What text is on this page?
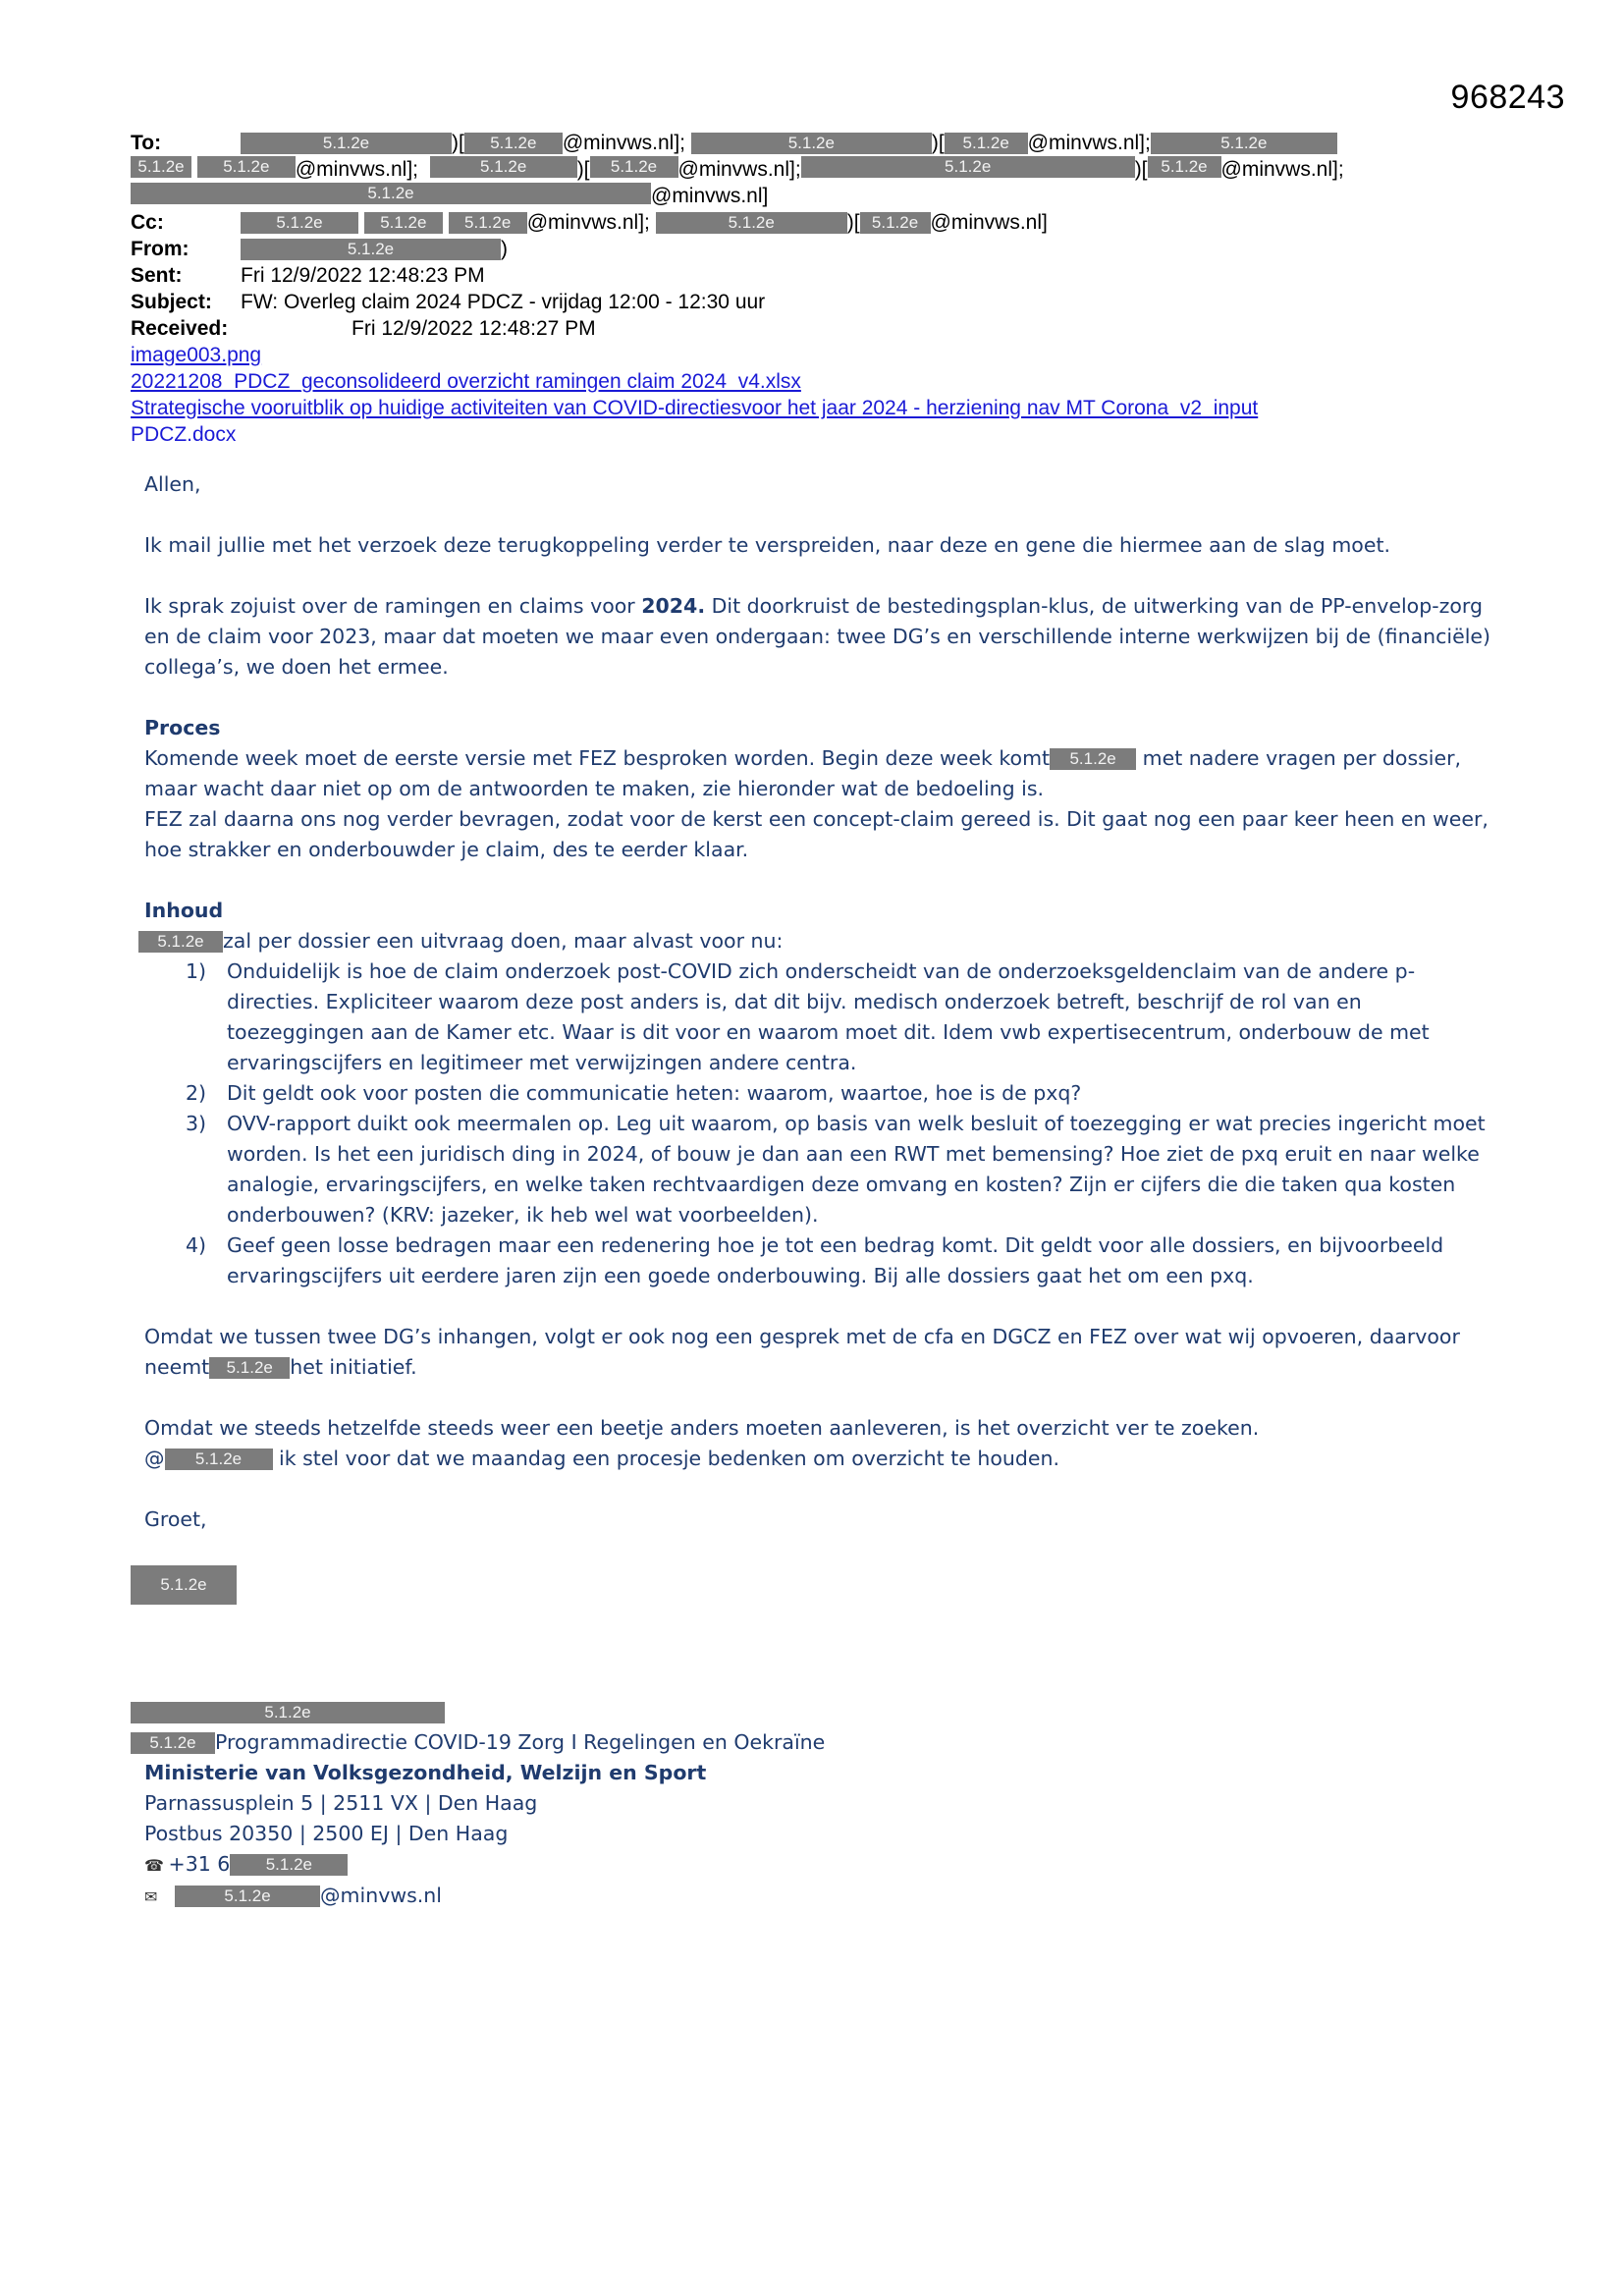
968243
To:	5.1.2e	)[ 5.1.2e @minvws.nl];	5.1.2e	)[ 5.1.2e @minvws.nl];	5.1.2e
5.1.2e
	5.1.2e	@minvws.nl];
	5.1.2e	)[	5.1.2e	@minvws.nl];	5.1.2e	)[ 5.1.2e @minvws.nl];
5.1.2e	@minvws.nl]
Cc:	5.1.2e	5.1.2e 5.1.2e @minvws.nl];	5.1.2e	)[ 5.1.2e @minvws.nl]
From:	5.1.2e	)
Sent:	Fri 12/9/2022 12:48:23 PM
Subject:	FW: Overleg claim 2024 PDCZ - vrijdag 12:00 - 12:30 uur
Received:	Fri 12/9/2022 12:48:27 PM
image003.png
20221208_PDCZ_geconsolideerd overzicht ramingen claim 2024_v4.xlsx
Strategische vooruitblik op huidige activiteiten van COVID-directiesvoor het jaar 2024 - herziening nav MT Corona_v2_input
PDCZ.docx

Allen,

Ik mail jullie met het verzoek deze terugkoppeling verder te verspreiden, naar deze en gene die hiermee aan de slag moet.

Ik sprak zojuist over de ramingen en claims voor 2024. Dit doorkruist de bestedingsplan-klus, de uitwerking van de PP-envelop-zorg en de claim voor 2023, maar dat moeten we maar even ondergaan: twee DG’s en verschillende interne werkwijzen bij de (financiële) collega’s, we doen het ermee.

Proces
Komende week moet de eerste versie met FEZ besproken worden. Begin deze week komt 5.1.2e met nadere vragen per dossier, maar wacht daar niet op om de antwoorden te maken, zie hieronder wat de bedoeling is.
FEZ zal daarna ons nog verder bevragen, zodat voor de kerst een concept-claim gereed is. Dit gaat nog een paar keer heen en weer, hoe strakker en onderbouwder je claim, des te eerder klaar.
Inhoud
5.1.2e zal per dossier een uitvraag doen, maar alvast voor nu:
1) Onduidelijk is hoe de claim onderzoek post-COVID zich onderscheidt van de onderzoeksgeldenclaim van de andere p-directies. Expliciteer waarom deze post anders is, dat dit bijv. medisch onderzoek betreft, beschrijf de rol van en toezeggingen aan de Kamer etc. Waar is dit voor en waarom moet dit. Idem vwb expertisecentrum, onderbouw de met ervaringscijfers en legitimeer met verwijzingen andere centra.
2) Dit geldt ook voor posten die communicatie heten: waarom, waartoe, hoe is de pxq?
3) OVV-rapport duikt ook meermalen op. Leg uit waarom, op basis van welk besluit of toezegging er wat precies ingericht moet worden. Is het een juridisch ding in 2024, of bouw je dan aan een RWT met bemensing? Hoe ziet de pxq eruit en naar welke analogie, ervaringscijfers, en welke taken rechtvaardigen deze omvang en kosten? Zijn er cijfers die die taken qua kosten onderbouwen? (KRV: jazeker, ik heb wel wat voorbeelden).
4) Geef geen losse bedragen maar een redenering hoe je tot een bedrag komt. Dit geldt voor alle dossiers, en bijvoorbeeld ervaringscijfers uit eerdere jaren zijn een goede onderbouwing. Bij alle dossiers gaat het om een pxq.

Omdat we tussen twee DG’s inhangen, volgt er ook nog een gesprek met de cfa en DGCZ en FEZ over wat wij opvoeren, daarvoor neemt 5.1.2e het initiatief.

Omdat we steeds hetzelfde steeds weer een beetje anders moeten aanleveren, is het overzicht ver te zoeken.
@ 5.1.2e ik stel voor dat we maandag een procesje bedenken om overzicht te houden.

Groet,

5.1.2e
5.1.2e
5.1.2e Programmadirectie COVID-19 Zorg I Regelingen en Oekraïne
Ministerie van Volksgezondheid, Welzijn en Sport
Parnassusplein 5 | 2511 VX | Den Haag
Postbus 20350 | 2500 EJ | Den Haag
☎ +31 6 5.1.2e
✉	5.1.2e @minvws.nl
